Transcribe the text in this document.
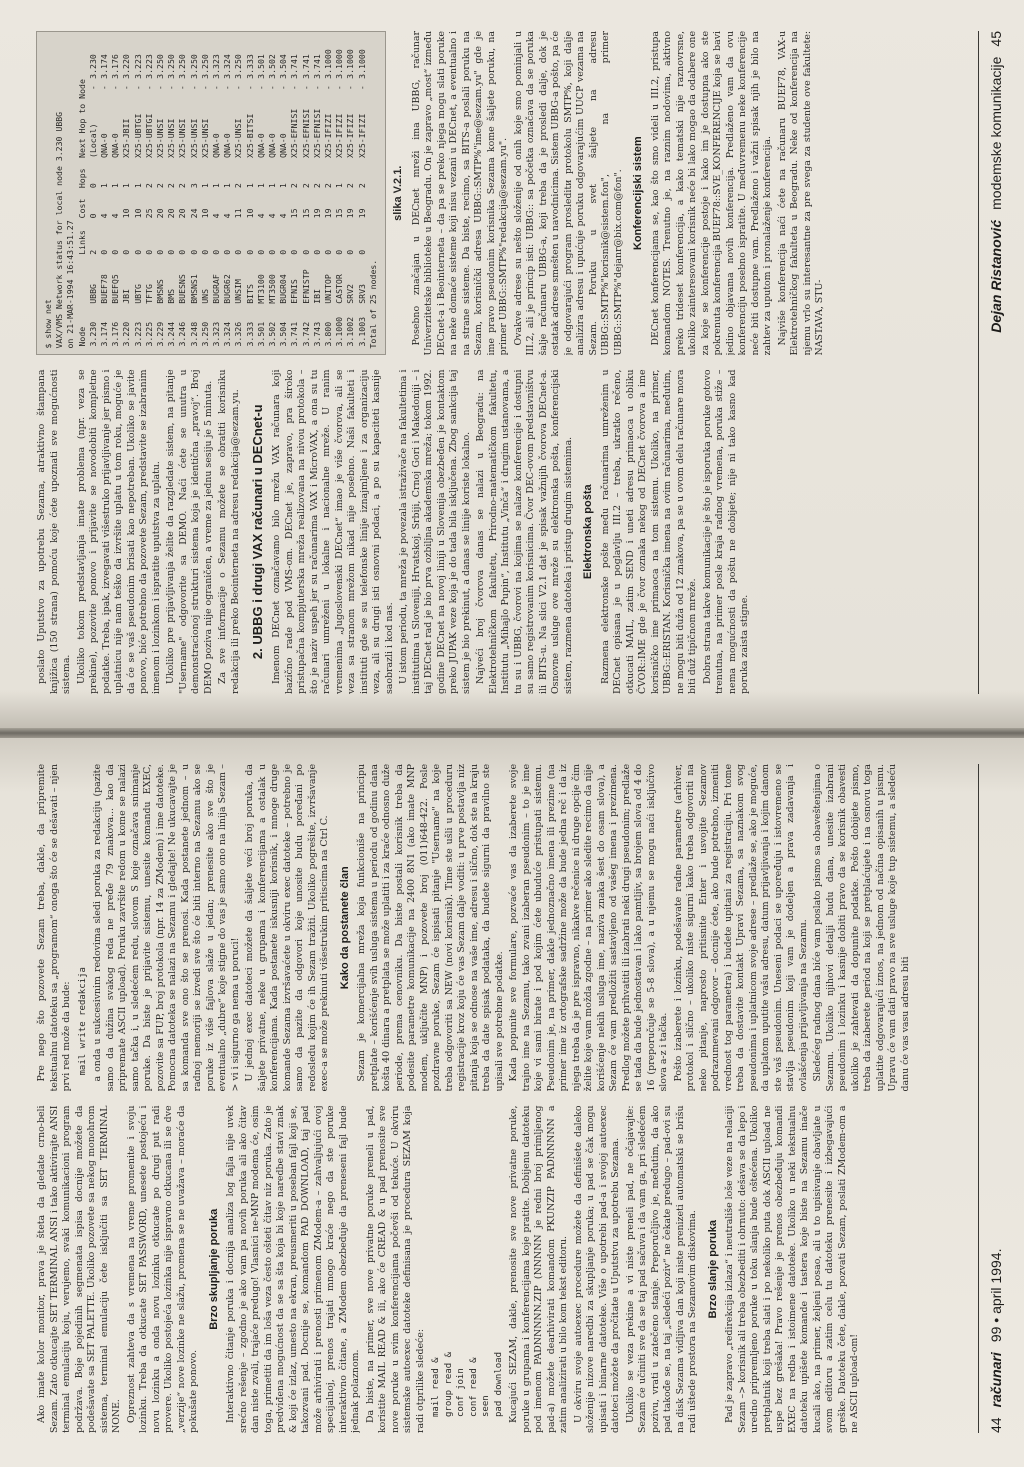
Ako imate kolor monitor, prava je šteta da gledate crno-beli Sezam. Zato otkucajte SET TERMINAL ANSI i tako aktivirajte ANSI terminal emulaciju koju, verujemo, svaki komunikacioni program podržava. Boje pojedinih segmenata ispisa docnije možete da podešavate sa SET PALETTE. Ukoliko pozovete sa nekog monohrom sistema, terminal emulaciju čete isključiti sa SET TERMINAL NONE. Opreznost zahteva da s vremena na vreme promenite i svoju lozinku. Treba da otkucate SET PASSWORD, unesete postojeću i novu lozinku a onda novu lozinku otkucate po drugi put radi provere. Ukoliko postojeća lozinka nije ispravno otkucana ili se dve „verzije“ nove lozinke ne slažu, promena se ne uvažava – moraće da pokušate ponovo.

Brzo skupljanje poruka Interaktivno čitanje poruka i docnija analiza log fajla nije uvek srećno rešenje – zgodno je ako vam pa novih poruka ali ako čitav dan niste zvali, trajaće predugo! Vlasnici ne-MNP modema će, osim toga, primetiti da im loša veza često ošteti čitav niz poruka. Zato je predviđena mogućnost da se sa šta koja bi koje naredbe stavi znak & koji će izlaz, umesto na ekran, preusmeriti u poseban fajl koji se, takozvani pad. Docnije se, komandom PAD DOWNLOAD, taj pad može arhivirati i prenosti primenom ZModem-a – zahvaljujući ovoj specijalnoj, prenos trajati mnogo kraće nego da ste poruke interaktivno čitane, a ZModem obezbeđuje da preneseni fajl bude jednak polaznom. Da biste, na primer, sve nove privatne poruke preneli u pad, koristite MAIL READ & ili, ako će CREAD & u pad prenosite sve nove poruke u svim konferencijama počevši od tekuće. U okviru sistemske autoexec datoteke definisana je procedura SEZAM koja radi otprilike sledeće: mail read & group read & conf join conf read & seen pad download Kucajući SEZAM, dakle, prenosite sve nove privatne poruke, poruke u grupama i konferencijama koje pratite. Dobijenu datoteku pod imenom PADNNNNN.ZIP (NNNNN je redni broj primljenog pad-a) možete dearhivirati komandom PKUNZIP PADNNNNN a zatim analizirati u bilo kom tekst editoru. U okviru svoje autoexec procedure možete da definišete daleko složenije nizove naredbi za skupljanje poruka; u pad se čak mogu upisati i binarne datoteke. Više o upotrebi pad-a i svojoj autoexec datoteci možete da pročitate u Uputstvu za upotrebu Sezama. Ukoliko se veza prekine a vi niste preneli pad, ne očajavajte: Sezam će učiniti sve da se taj pad sačuva i da vam ga, pri sledećem pozivu, vrati u zatečeno stanje. Preporučljivo je, međutim, da ako pad takođe se, na taj „sledeći poziv“ ne čekate predugo – pad-ovi su na disk Sezama vidljiva dan koji niste prenizeti automatski se brišu radi uštede prostora na Sezamovim diskovima. Brzo slanje poruka Pad je zapravo „redirekcija izlaza“ i neutrališe loše veze na relaciji Sezam –> korisnik ali treba obezbediti i obrnuto: dešava se da lepo i uredno pripremljeno poruke u toku slanja bude oštećena. Ukoliko pretplatnik koji treba slati i po nekoliko puta dok ASCII upload ne uspe bez grešaka! Pravo rešenje je prenos obezbeđuju komandi EXEC na redba i istoimene datoteke. Ukoliko u neki tekstualnu datoteku upišete komande i tastera koje biste na Sezamu inače kucali ako, na primer, željeni posao, ali u to upisivanje obavljate u svom editoru a zatim celu tu datoteku prenesite i izbegavajući greške. Datoteku čete, dakle, pozvati Sezam, poslati ZModem-om a ne ASCII upload-om!

Pre nego što pozovete Sezam treba, dakle, da pripremite tekstualnu datoteku sa „programom“ onoga što će se dešavati – njen prvi red može da bude: mail write redakcija a onda u sukcesivnim redovima sledi poruka za redakciju (pazite samo da dužina svakog reda ne pređe 79 znakova... kao da pripremate ASCII upload). Poruku završite redom u kome se nalazi samo tačka i, u sledećem redu, slovom S koje označava snimanje poruke. Da biste je prijavite sistemu, unesite komandu EXEC, pozovite sa FUP, broj protokola (npr. 14 za ZModem) i ime datoteke. Pomocna datoteka se nalazi na Sezamu i gledajte! Ne ukucavajte je sa komanda sve ono što se prenosi. Kada postanete jednom – u radnoj memoriji se izvedi sve što će biti interno na Sezamu ako se poruke iz više fajlova slaže u jedan; prenesite ako sve što je eventualno „dubre“ koje stigne do vas je samo ono na linija Sezam –> vi i sigurno ga nema u poruci! U jednoj exec datoteci možete da šaljete veći broj poruka, da šaljete privatne, neke u grupama i konferencijama a ostalak u konferencijama. Kada postanete iskusniji korisnik, i mnoge druge komande Sezama izvršavaćete u okviru exec datoteke – potrebno je samo da pazite da odgovori koje unosite budu poređani po redosledu kojim će ih Sezam tražiti. Ukoliko pogrešite, izvršavanje exec-a se može prekinuti višestrukim pritiscima na Ctrl C. Kako da postanete član Sezam je komercijalna mreža koja funkcioniše na principu pretplate – korišćenje svih usluga sistema u periodu od godinu dana košta 40 dinara a pretplata se može uplatiti i za kraće odnosno duže periode, prema cenovniku. Da biste postali korisnik treba da podesite parametre komunikacije na 2400 8N1 (ako imate MNP modem, uključite MNP) i pozovete broj (011)648-422. Posle pozdravne poruke, Sezam će ispisati pitanje "Username" na koje treba odgovoriti sa NEW (novi korisnik). Time ste ušli u proceduru registracije kroz koju će vas Sezam dalje voditi: u prve postavlja niz pitanja koja se odnose na vaše ime, adresu i slično, dok ste na kraju treba da date spisak podataka, da budete sigurni da pravilno ste upisali sve potrebne podatke. Kada popunite sve formulare, pozvaće vas da izaberete svoje trajno ime na Sezamu, tako zvani izaberan pseudonim – to je ime koje vi sami birate i pod kojim ćete ubuduće pristupati sistemu. Pseudonim je, na primer, dakle jednoznačno imena ili prezime (na primer ime iz ortografske sadržine može da bude jedna reč i da iz njega treba da je pre ispravno, nikakve rečenice ni druge opcije čim želite koje vam možda zgodne – na primer ako sledite recimo da nije korišćenje nekih usluga ime, naziva znaka šest do osam slova), a Sezam će vam predložiti sastavljeno od vašeg imena i prezimena. Predlog možete prihvatiti ili izabrati neki drugi pseudonim; predlaže se tada da bude jednostavan i lako pamtljiv, sa brojem slova od 4 do 16 (preporučuje se 5-8 slova), a u njemu se mogu naći isključivo slova a-z i tačka. Pošto izaberete i lozinku, podešavate radne parametre (arhiver, protokol i slično – ukoliko niste sigurni kako treba odgovoriti na neko pitanje, naprosto pritisnite Enter i usvojite Sezamov podrazumevani odgovor – docnije ćete, ako bude potrebno, izmeniti vrednost tog parametra) i budete upitani za registraciju. Pri tome treba da dostavite kontakt Upravi Sezama, sa naznakom svog pseudonima i uplatnicom svoje adrese – predlaže se, ako je moguće, da uplatom uputite vašu adresu, datum prijavljivanja i kojim danom ste vaš pseudonim. Uneseni podaci se upoređuju i istovremeno se stavlja pseudonim koji vam je dodeljen a prava zadavanja i ovlašćenja prijavljivanja na Sezamu. Sledećeg radnog dana biće vam poslato pismo sa obaveštenjima o Sezamu. Ukoliko njihovi detalji budu dana, unesite izabrani pseudonim i lozinku i kasnije dobiti pravo da se korisnik obavesti ukoliko je zahtevati da dopunite podatke. Pošto dobijete pismo, treba da izaberete period na koji se pretplaćujete i na osnovu toga uplatite odgovarajući iznos, na jednom od načina opisanih u pismu. Upravu će vam dati pravo na sve usluge koje tup sistemu, a sledeću danu će vas vasu adresu biti

44
računari
99 • april 1994.

poslato Uputstvo za upotrebu Sezama, atraktivno štampana knjižica (150 strana) pomoću koje ćete upoznati sve mogućnosti sistema. Ukoliko tokom predstavljanja imate problema (npr. veza se prekine), pozovite ponovo i prijavite se novodobiti kompletne podatke. Treba, ipak, izvegavati višestruko prijavljivanje jer pismo i uplatnicu nije nam teško da izvršite uplatu u tom roku, moguće je da će se vaš pseudonim brisati kao nepotreban. Ukoliko se javite ponovo, biće potrebno da pozovete Sezam, predstavite se izabranim imenom i lozinkom i ispratite uputstva za uplatu. Ukoliko pre prijavljivanja želite da razgledate sistem, na pitanje "Username" odgovorite sa DEMO. Naći ćete se unutra u demonstracionoj strukturi sistema koja je identična „pravoj“. Broj DEMO poziva nije ograničen, a vreme za jednu sesiju je 5 minuta. Za sve informacije o Sezamu možete se obratiti korisniku redakcija ili preko Beointerneta na adresu redakcija@sezam.yu. 2. UBBG i drugi VAX računari u DECnet-u Imenom DECnet označavamo bilo mrežu VAX računara koji bazično rade pod VMS-om. DECnet je, zapravo, pra široko pristupačna kompjuterska mreža realizovana na nivou protokola – što je naziv uspeh jer su računarima VAX i MicroVAX, a ona su tu računari umreženi u lokalne i nacionalne mreže. U ranim vremenima „Jugoslovenski DECnet“ imao je više čvorova, ali se veza sa stranom mrežom nikad nije posebno. Naši fakulteti i instituti gde se su telefonske linije iznajmljene i za organizaciju veza, ali su drugi isti osnovni podaci, a po su kapaciteti kasnije saobrazli i kod nas. U istom periodu, ta mreža je povezala istraživače na fakultetima i institutima u Sloveniji, Hrvatskoj, Srbiji, Crnoj Gori i Makedoniji – i taj DECnet rad je bio prva ozbiljna akademska mreža; tokom 1992. godine DECnet na novoj liniji u Slovenija obezbeđen je kontaktom preko JUPAK veze koja je do tada bila isključena. Zbog sankcija taj sistem je bio prekinut, a danas se linije koriste lokalno. Najveći broj čvorova danas se nalazi u Beogradu: na Elektrotehničkom fakultetu, Prirodno-matematičkom fakultetu, Institutu „Mihajlo Pupin“, Institutu „Vinča“ i drugim ustanovama, a tu su i UBBG, čvorovi na kojima se nalaze konferencije i dostupni su samo registrovanim korisnicima. Čvor DEC-ovom predstavništvu ili BITS-u. Na slici V2.1 dat je spisak važnijih čvorova DECnet-a. Osnovne usluge ove mreže su elektronska pošta, konferencijski sistem, razmena datoteka i pristup drugim sistemima. Elektronska pošta Razmena elektronske pošte među računarima umreženim u DECnet opisana je u poglavlju III.2 – treba, ukratko rečeno, otkucati MAIL, zatim SEND i uneti adresu primaoca u obliku ČVOR::IME gde je čvor oznaka nekog od DECnet čvorova a ime korisničko ime primaoca na tom sistemu. Ukoliko, na primer, UBBG::ERISTAN. Korisnička imena na ovim računarima, međutim, ne mogu biti duža od 12 znakova, pa se u ovom delu računare mora biti duž tipičnom mreže. Dobra strana takve komunikacije je što je isporuka poruke gotovo trenutna, na primer posle kraja radnog vremena, poruka stiže – nema mogućnosti da poštu ne dobijete; nije ni tako kasno kad poruka zaista stigne.

$ show net VAX/VMS Network status for local node 3.230 UBBG on 21-MAR-1994 16:43:51.27 Node		Links	Cost	Hops	Next Hop to Node		
3.230	UBBG	2	0	0	(Local)	-	3.230
3.174	BUEF78	0	4	1	QNA-0	-	3.174
3.176	BUEFQ5	0	4	1	QNA-0	-	3.176
3.220	JBI	0	10	1	X25-JBII	-	3.220
3.223	UBTG	0	10	1	X25-UBTGI	-	3.223
3.225	TFTG	0	25	2	X25-UBTGI	-	3.223
3.229	BMSNS	0	20	2	X25-UNSI	-	3.250
3.244	BMS	0	20	2	X25-UNSI	-	3.250
3.246	BUESNS	0	20	2	X25-UNSI	-	3.250
3.248	BMSNS1	0	24	3	X25-UNSI	-	3.250
3.250	UNS	0	10	1	X25-UNSI	-	3.250
3.323	BUGRAF	0	4	1	QNA-0	-	3.323
3.324	BUGR62	0	4	1	QNA-0	-	3.324
3.326	UNSIM	0	11	2	X25-UNSI	-	3.250
3.333	BITS	0	10	1	X25-BITSI	-	3.333
3.501	MT3100	0	4	1	QNA-0	-	3.501
3.502	MT3500	0	4	1	QNA-0	-	3.502
3.504	BUGR04	0	4	1	QNA-0	-	3.504
3.741	EFNIS	0	15	2	X25-EFNISI	-	3.741
3.742	EFNISTP	0	15	2	X25-EFNISI	-	3.741
3.743	IBI	0	19	2	X25-EFNISI	-	3.741
3.800	UNITOP	0	19	2	X25-IFIZI	-	3.1000
3.1000	CASTOR	0	15	1	X25-IFIZI	-	3.1000
3.1002	SRV2	0	19	2	X25-IFIZI	-	3.1000
3.1003	SRV3	0	19	2	X25-IFIZI	-	3.1000
Total of 25 nodes.
slika V.2.1. Posebno značajan u DECnet mreži ima UBBG, računar Univerzitetske biblioteke u Beogradu. On je zapravo „most“ između DECnet-a i Beointerneta – da pa se preko njega mogu slati poruke na neke domaće sisteme koji nisu vezani u DECnet, a eventualno i na strane sisteme. Da biste, recimo, sa BITS-a poslali poruku na Sezam, korisnički adresa UBBG::SMTP%"ime@sezam.yu" gde je ime pravo pseudonim korisnika Sezama kome šaljete poruku, na primer UBBG::SMTP%"redakcija@sezam.yu". Ovakve adrese su nešto složenije od onih koje smo pominjali u III.2, ali je princip isti: UBBG:: sa početka označava da se poruka šalje računaru UBBG-a, koji treba da je prosledi dalje, dok je ostatak adrese smešten u navodnicima. Sistem UBBG-a pošto, pa će je odgovarajući program prosleditи protokolu SMTP%, koji dalje analizira adresu i upućuje poruku odgovarajućim UUCP vezama na Sezam. Poruku u svet šaljete na adresu UBBG::SMTP%"korisnik@sistem.fon", na primer UBBG::SMTP%"dejanr@bix.com@fon". Konferencijski sistem DECnet konferencijama se, kao što smo videli u III.2, pristupa komandom NOTES. Trenutno je, na raznim nodovima, aktivno preko trideset konferencija, a kako tematski nije raznovrsne, ukoliko zainteresovani korisnik neće bi lako mogao da odabere one za koje se konferencije postoje i kako im je dostupna ako ste pokrenuta konferencija BUEF78::SVE_KONFERENCIJE koja se bavi jedino objavama novih konferencija. Predlaženo vam da ovu konferenciju posebno ispratite. U međuvremenu neke konferencije neće biti dostupne vam. Predlaženo i važni spisak njih je bilo na zahtev za uputom i pronalaženje konferencija. Najviše konferencija naći ćete na računaru BUEF78, VAX-u Elektrotehničkog fakulteta u Beogradu. Neke od konferencija na njemu vrlo su interesantne za pre svega za studente ove fakultete: NASTAVA, STU-	Dejan Ristanović
modemske komunikacije
45
